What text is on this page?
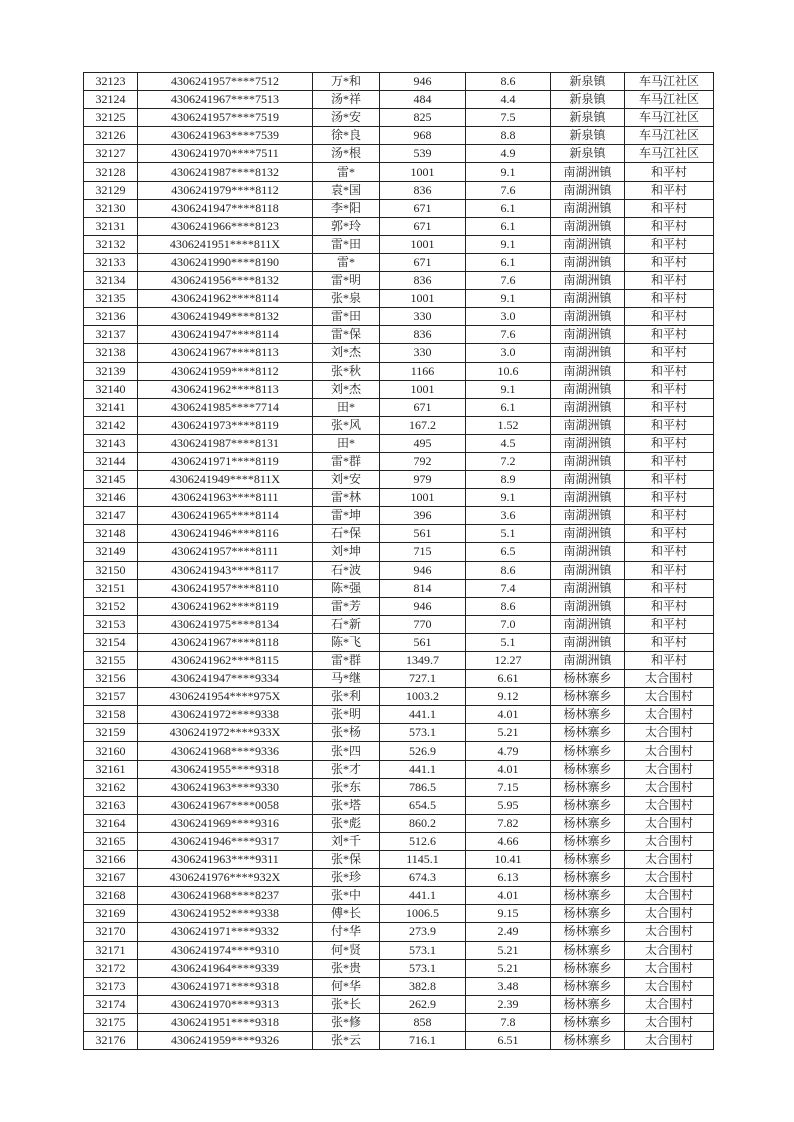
32123	4306241957****7512	万*和	946	8.6	新泉镇	车马江社区
32124	4306241967****7513	汤*祥	484	4.4	新泉镇	车马江社区
32125	4306241957****7519	汤*安	825	7.5	新泉镇	车马江社区
32126	4306241963****7539	徐*良	968	8.8	新泉镇	车马江社区
32127	4306241970****7511	汤*根	539	4.9	新泉镇	车马江社区
32128	4306241987****8132	雷*	1001	9.1	南湖洲镇	和平村
32129	4306241979****8112	袁*国	836	7.6	南湖洲镇	和平村
32130	4306241947****8118	李*阳	671	6.1	南湖洲镇	和平村
32131	4306241966****8123	郭*玲	671	6.1	南湖洲镇	和平村
32132	4306241951****811X	雷*田	1001	9.1	南湖洲镇	和平村
32133	4306241990****8190	雷*	671	6.1	南湖洲镇	和平村
32134	4306241956****8132	雷*明	836	7.6	南湖洲镇	和平村
32135	4306241962****8114	张*泉	1001	9.1	南湖洲镇	和平村
32136	4306241949****8132	雷*田	330	3.0	南湖洲镇	和平村
32137	4306241947****8114	雷*保	836	7.6	南湖洲镇	和平村
32138	4306241967****8113	刘*杰	330	3.0	南湖洲镇	和平村
32139	4306241959****8112	张*秋	1166	10.6	南湖洲镇	和平村
32140	4306241962****8113	刘*杰	1001	9.1	南湖洲镇	和平村
32141	4306241985****7714	田*	671	6.1	南湖洲镇	和平村
32142	4306241973****8119	张*风	167.2	1.52	南湖洲镇	和平村
32143	4306241987****8131	田*	495	4.5	南湖洲镇	和平村
32144	4306241971****8119	雷*群	792	7.2	南湖洲镇	和平村
32145	4306241949****811X	刘*安	979	8.9	南湖洲镇	和平村
32146	4306241963****8111	雷*林	1001	9.1	南湖洲镇	和平村
32147	4306241965****8114	雷*坤	396	3.6	南湖洲镇	和平村
32148	4306241946****8116	石*保	561	5.1	南湖洲镇	和平村
32149	4306241957****8111	刘*坤	715	6.5	南湖洲镇	和平村
32150	4306241943****8117	石*波	946	8.6	南湖洲镇	和平村
32151	4306241957****8110	陈*强	814	7.4	南湖洲镇	和平村
32152	4306241962****8119	雷*芳	946	8.6	南湖洲镇	和平村
32153	4306241975****8134	石*新	770	7.0	南湖洲镇	和平村
32154	4306241967****8118	陈*飞	561	5.1	南湖洲镇	和平村
32155	4306241962****8115	雷*群	1349.7	12.27	南湖洲镇	和平村
32156	4306241947****9334	马*继	727.1	6.61	杨林寨乡	太合围村
32157	4306241954****975X	张*利	1003.2	9.12	杨林寨乡	太合围村
32158	4306241972****9338	张*明	441.1	4.01	杨林寨乡	太合围村
32159	4306241972****933X	张*杨	573.1	5.21	杨林寨乡	太合围村
32160	4306241968****9336	张*四	526.9	4.79	杨林寨乡	太合围村
32161	4306241955****9318	张*才	441.1	4.01	杨林寨乡	太合围村
32162	4306241963****9330	张*东	786.5	7.15	杨林寨乡	太合围村
32163	4306241967****0058	张*塔	654.5	5.95	杨林寨乡	太合围村
32164	4306241969****9316	张*彪	860.2	7.82	杨林寨乡	太合围村
32165	4306241946****9317	刘*千	512.6	4.66	杨林寨乡	太合围村
32166	4306241963****9311	张*保	1145.1	10.41	杨林寨乡	太合围村
32167	4306241976****932X	张*珍	674.3	6.13	杨林寨乡	太合围村
32168	4306241968****8237	张*中	441.1	4.01	杨林寨乡	太合围村
32169	4306241952****9338	傅*长	1006.5	9.15	杨林寨乡	太合围村
32170	4306241971****9332	付*华	273.9	2.49	杨林寨乡	太合围村
32171	4306241974****9310	何*贤	573.1	5.21	杨林寨乡	太合围村
32172	4306241964****9339	张*贵	573.1	5.21	杨林寨乡	太合围村
32173	4306241971****9318	何*华	382.8	3.48	杨林寨乡	太合围村
32174	4306241970****9313	张*长	262.9	2.39	杨林寨乡	太合围村
32175	4306241951****9318	张*修	858	7.8	杨林寨乡	太合围村
32176	4306241959****9326	张*云	716.1	6.51	杨林寨乡	太合围村
